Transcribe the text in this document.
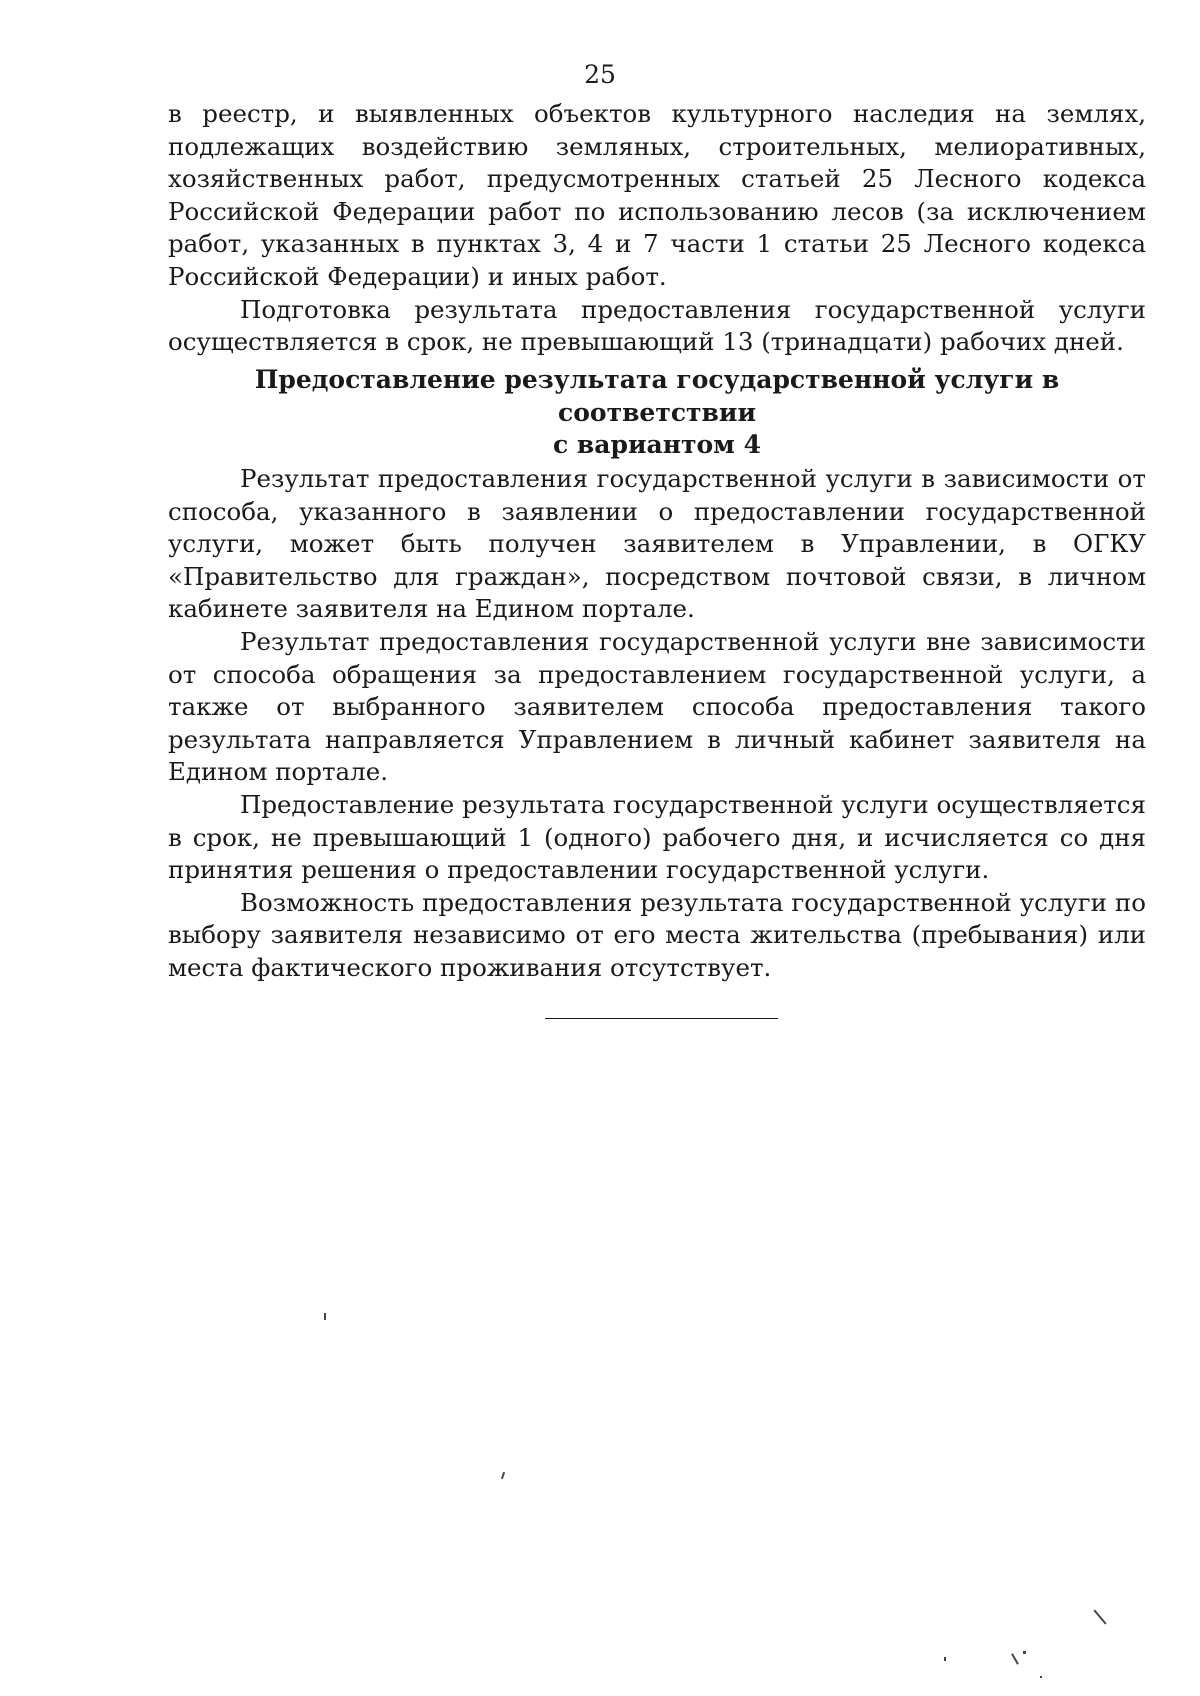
25

в реестр, и выявленных объектов культурного наследия на землях, подлежащих воздействию земляных, строительных, мелиоративных, хозяйственных работ, предусмотренных статьей 25 Лесного кодекса Российской Федерации работ по использованию лесов (за исключением работ, указанных в пунктах 3, 4 и 7 части 1 статьи 25 Лесного кодекса Российской Федерации) и иных работ.

Подготовка результата предоставления государственной услуги осуществляется в срок, не превышающий 13 (тринадцати) рабочих дней.

Предоставление результата государственной услуги в соответствии
с вариантом 4

Результат предоставления государственной услуги в зависимости от способа, указанного в заявлении о предоставлении государственной услуги, может быть получен заявителем в Управлении, в ОГКУ «Правительство для граждан», посредством почтовой связи, в личном кабинете заявителя на Едином портале.

Результат предоставления государственной услуги вне зависимости от способа обращения за предоставлением государственной услуги, а также от выбранного заявителем способа предоставления такого результата направляется Управлением в личный кабинет заявителя на Едином портале.

Предоставление результата государственной услуги осуществляется в срок, не превышающий 1 (одного) рабочего дня, и исчисляется со дня принятия решения о предоставлении государственной услуги.

Возможность предоставления результата государственной услуги по выбору заявителя независимо от его места жительства (пребывания) или места фактического проживания отсутствует.
